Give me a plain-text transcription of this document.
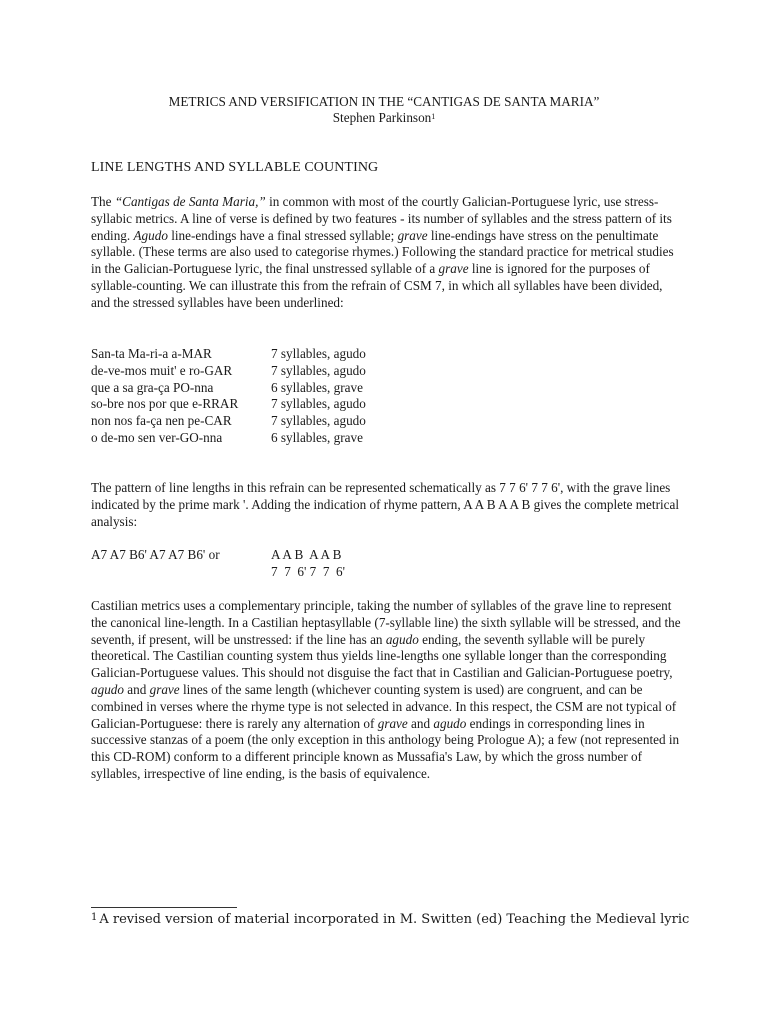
METRICS AND VERSIFICATION IN THE “CANTIGAS DE SANTA MARIA”
Stephen Parkinson$^1$
LINE LENGTHS AND SYLLABLE COUNTING
The “Cantigas de Santa Maria,” in common with most of the courtly Galician-Portuguese lyric, use stress-syllabic metrics. A line of verse is defined by two features - its number of syllables and the stress pattern of its ending. Agudo line-endings have a final stressed syllable; grave line-endings have stress on the penultimate syllable. (These terms are also used to categorise rhymes.) Following the standard practice for metrical studies in the Galician-Portuguese lyric, the final unstressed syllable of a grave line is ignored for the purposes of syllable-counting. We can illustrate this from the refrain of CSM 7, in which all syllables have been divided, and the stressed syllables have been underlined:
San-ta Ma-ri-a a-MAR	7 syllables, agudo
de-ve-mos muit' e ro-GAR	7 syllables, agudo
que a sa gra-ça PO-nna	6 syllables, grave
so-bre nos por que e-RRAR	7 syllables, agudo
non nos fa-ça nen pe-CAR	7 syllables, agudo
o de-mo sen ver-GO-nna	6 syllables, grave
The pattern of line lengths in this refrain can be represented schematically as 7 7 6' 7 7 6', with the grave lines indicated by the prime mark '. Adding the indication of rhyme pattern, A A B A A B gives the complete metrical analysis:
A7 A7 B6' A7 A7 B6' or	A A B  A A B
7  7  6' 7  7  6'
Castilian metrics uses a complementary principle, taking the number of syllables of the grave line to represent the canonical line-length. In a Castilian heptasyllable (7-syllable line) the sixth syllable will be stressed, and the seventh, if present, will be unstressed: if the line has an agudo ending, the seventh syllable will be purely theoretical. The Castilian counting system thus yields line-lengths one syllable longer than the corresponding Galician-Portuguese values. This should not disguise the fact that in Castilian and Galician-Portuguese poetry, agudo and grave lines of the same length (whichever counting system is used) are congruent, and can be combined in verses where the rhyme type is not selected in advance. In this respect, the CSM are not typical of Galician-Portuguese: there is rarely any alternation of grave and agudo endings in corresponding lines in successive stanzas of a poem (the only exception in this anthology being Prologue A); a few (not represented in this CD-ROM) conform to a different principle known as Mussafia's Law, by which the gross number of syllables, irrespective of line ending, is the basis of equivalence.
$^1$ A revised version of material incorporated in M. Switten (ed) Teaching the Medieval lyric
